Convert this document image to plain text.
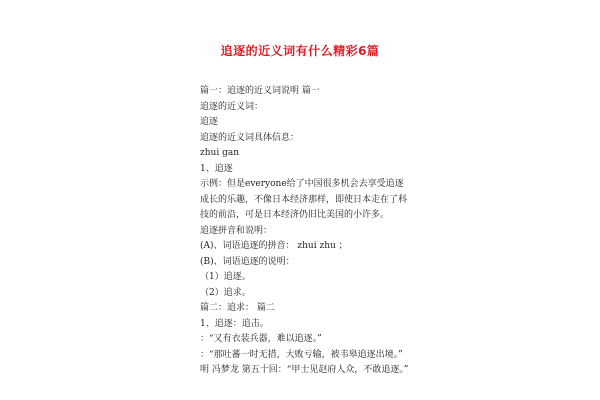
追逐的近义词有什么精彩6篇
篇一：追逐的近义词说明 篇一
追逐的近义词：
追逐
追逐的近义词具体信息：
zhui gan
1、追逐
示例：但是everyone给了中国很多机会去享受追逐成长的乐趣，不像日本经济那样，即使日本走在了科技的前沿，可是日本经济仍旧比美国的小许多。
追逐拼音和说明：
(A)、词语追逐的拼音： zhui zhu ；
(B)、词语追逐的说明：
（1）追逐。
（2）追求。
篇二：追求： 篇二
1、追逐：追击。
：“又有衣装兵器，难以追逐。”
：“那吐蕃一时无措，大败亏输，被韦皋追逐出境。”
明 冯梦龙 第五十回：“甲士见赵府人众，不敢追逐。”
